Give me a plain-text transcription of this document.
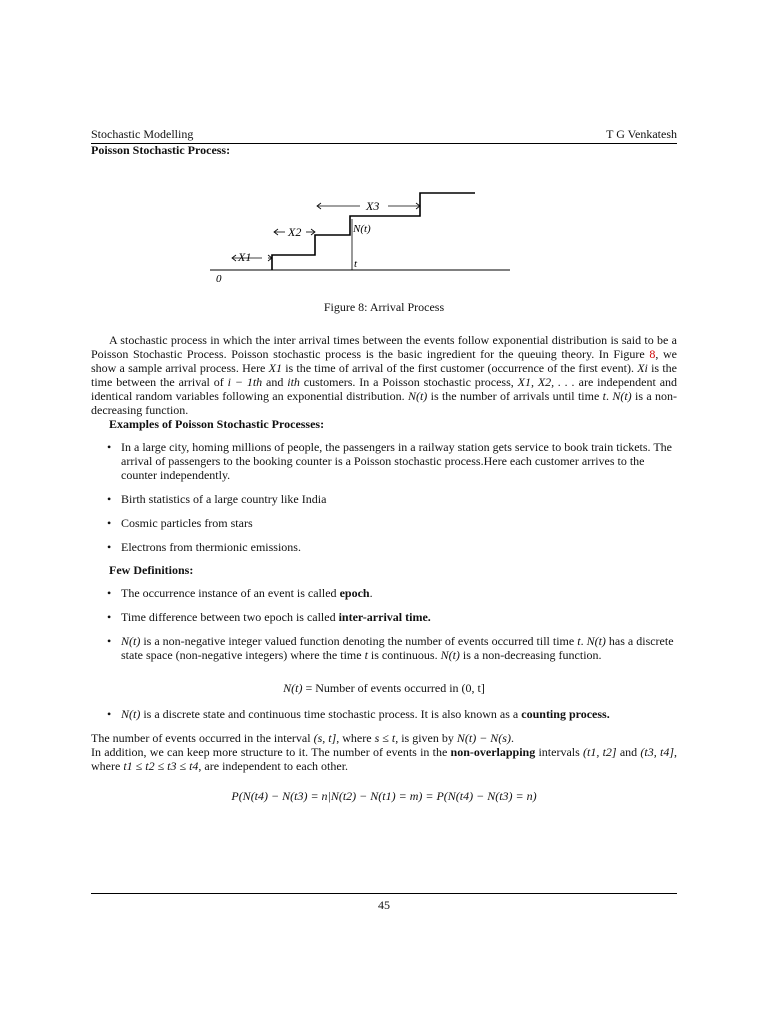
Stochastic Modelling	T G Venkatesh
Poisson Stochastic Process:
X1
X2
X3
N(t)
t
0
Figure 8: Arrival Process
A stochastic process in which the inter arrival times between the events follow exponential distribution is said to be a Poisson Stochastic Process. Poisson stochastic process is the basic ingredient for the queuing theory. In Figure 8, we show a sample arrival process. Here X1 is the time of arrival of the first customer (occurrence of the first event). Xi is the time between the arrival of i − 1th and ith customers. In a Poisson stochastic process, X1, X2, . . . are independent and identical random variables following an exponential distribution. N(t) is the number of arrivals until time t. N(t) is a non-decreasing function.
Examples of Poisson Stochastic Processes:
• In a large city, homing millions of people, the passengers in a railway station gets service to book train tickets. The arrival of passengers to the booking counter is a Poisson stochastic process.Here each customer arrives to the counter independently.
• Birth statistics of a large country like India
• Cosmic particles from stars
• Electrons from thermionic emissions.
Few Definitions:
• The occurrence instance of an event is called epoch.
• Time difference between two epoch is called inter-arrival time.
• N(t) is a non-negative integer valued function denoting the number of events occurred till time t. N(t) has a discrete state space (non-negative integers) where the time t is continuous. N(t) is a non-decreasing function.
N(t) = Number of events occurred in (0, t]
• N(t) is a discrete state and continuous time stochastic process. It is also known as a counting process.
The number of events occurred in the interval (s, t], where s ≤ t, is given by N(t) − N(s).
In addition, we can keep more structure to it. The number of events in the non-overlapping intervals (t1, t2] and (t3, t4], where t1 ≤ t2 ≤ t3 ≤ t4, are independent to each other.
P(N(t4) − N(t3) = n|N(t2) − N(t1) = m) = P(N(t4) − N(t3) = n)
45
